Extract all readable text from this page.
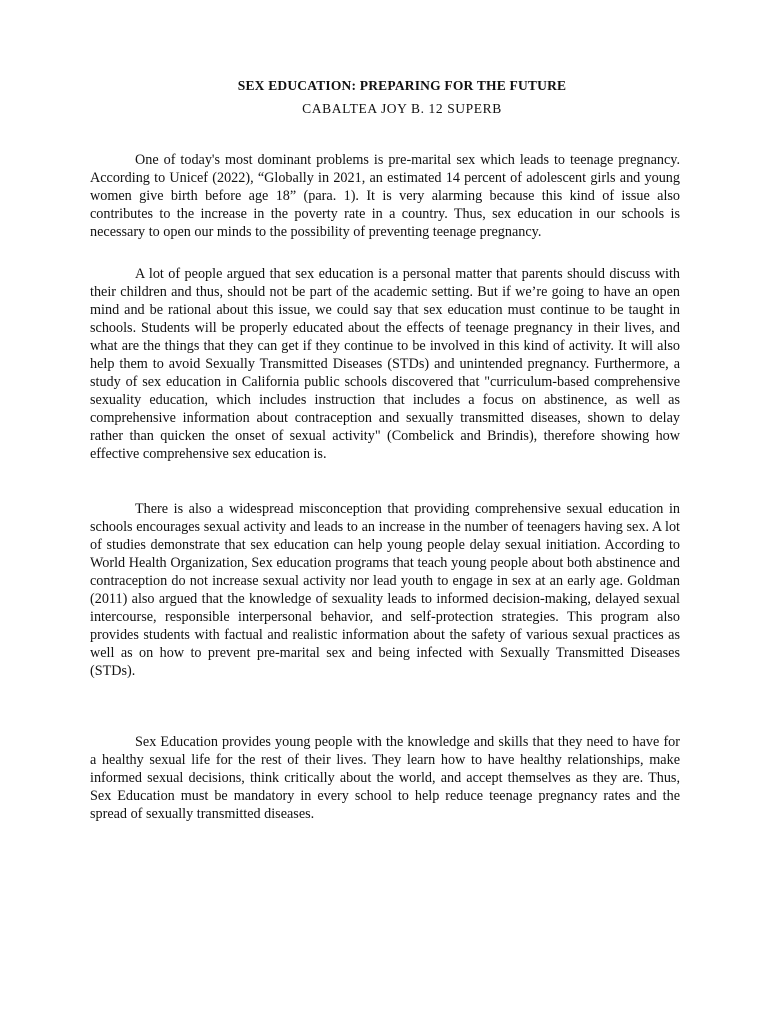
SEX EDUCATION: PREPARING FOR THE FUTURE
CABALTEA JOY B. 12 SUPERB

One of today's most dominant problems is pre-marital sex which leads to teenage pregnancy. According to Unicef (2022), “Globally in 2021, an estimated 14 percent of adolescent girls and young women give birth before age 18” (para. 1). It is very alarming because this kind of issue also contributes to the increase in the poverty rate in a country. Thus, sex education in our schools is necessary to open our minds to the possibility of preventing teenage pregnancy.

A lot of people argued that sex education is a personal matter that parents should discuss with their children and thus, should not be part of the academic setting. But if we’re going to have an open mind and be rational about this issue, we could say that sex education must continue to be taught in schools. Students will be properly educated about the effects of teenage pregnancy in their lives, and what are the things that they can get if they continue to be involved in this kind of activity. It will also help them to avoid Sexually Transmitted Diseases (STDs) and unintended pregnancy. Furthermore, a study of sex education in California public schools discovered that "curriculum-based comprehensive sexuality education, which includes instruction that includes a focus on abstinence, as well as comprehensive information about contraception and sexually transmitted diseases, shown to delay rather than quicken the onset of sexual activity" (Combelick and Brindis), therefore showing how effective comprehensive sex education is.

There is also a widespread misconception that providing comprehensive sexual education in schools encourages sexual activity and leads to an increase in the number of teenagers having sex. A lot of studies demonstrate that sex education can help young people delay sexual initiation. According to World Health Organization, Sex education programs that teach young people about both abstinence and contraception do not increase sexual activity nor lead youth to engage in sex at an early age. Goldman (2011) also argued that the knowledge of sexuality leads to informed decision-making, delayed sexual intercourse, responsible interpersonal behavior, and self-protection strategies. This program also provides students with factual and realistic information about the safety of various sexual practices as well as on how to prevent pre-marital sex and being infected with Sexually Transmitted Diseases (STDs).

Sex Education provides young people with the knowledge and skills that they need to have for a healthy sexual life for the rest of their lives. They learn how to have healthy relationships, make informed sexual decisions, think critically about the world, and accept themselves as they are. Thus, Sex Education must be mandatory in every school to help reduce teenage pregnancy rates and the spread of sexually transmitted diseases.
